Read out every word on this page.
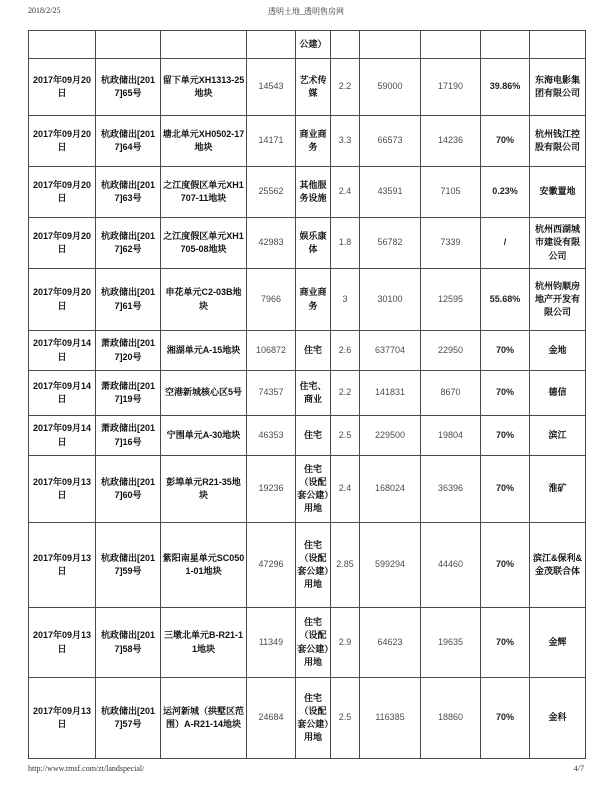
2018/2/25	透明土地_透明售房网
				公建）					
2017年09月20日	杭政储出[2017]65号	留下单元XH1313-25地块	14543	艺术传媒	2.2	59000	17190	39.86%	东海电影集团有限公司
2017年09月20日	杭政储出[2017]64号	塘北单元XH0502-17地块	14171	商业商务	3.3	66573	14236	70%	杭州钱江控股有限公司
2017年09月20日	杭政储出[2017]63号	之江度假区单元XH1707-11地块	25562	其他服务设施	2.4	43591	7105	0.23%	安徽置地
2017年09月20日	杭政储出[2017]62号	之江度假区单元XH1705-08地块	42983	娱乐康体	1.8	56782	7339	/	杭州西湖城市建设有限公司
2017年09月20日	杭政储出[2017]61号	申花单元C2-03B地块	7966	商业商务	3	30100	12595	55.68%	杭州钧顺房地产开发有限公司
2017年09月14日	萧政储出[2017]20号	湘湖单元A-15地块	106872	住宅	2.6	637704	22950	70%	金地
2017年09月14日	萧政储出[2017]19号	空港新城核心区5号	74357	住宅、商业	2.2	141831	8670	70%	德信
2017年09月14日	萧政储出[2017]16号	宁围单元A-30地块	46353	住宅	2.5	229500	19804	70%	滨江
2017年09月13日	杭政储出[2017]60号	彭埠单元R21-35地块	19236	住宅（设配套公建）用地	2.4	168024	36396	70%	淮矿
2017年09月13日	杭政储出[2017]59号	紫阳南星单元SC0501-01地块	47296	住宅（设配套公建）用地	2.85	599294	44460	70%	滨江&保利&金茂联合体
2017年09月13日	杭政储出[2017]58号	三墩北单元B-R21-11地块	11349	住宅（设配套公建）用地	2.9	64623	19635	70%	金辉
2017年09月13日	杭政储出[2017]57号	运河新城（拱墅区范围）A-R21-14地块	24684	住宅（设配套公建）用地	2.5	116385	18860	70%	金科
http://www.tmsf.com/zt/landspecial/	4/7
